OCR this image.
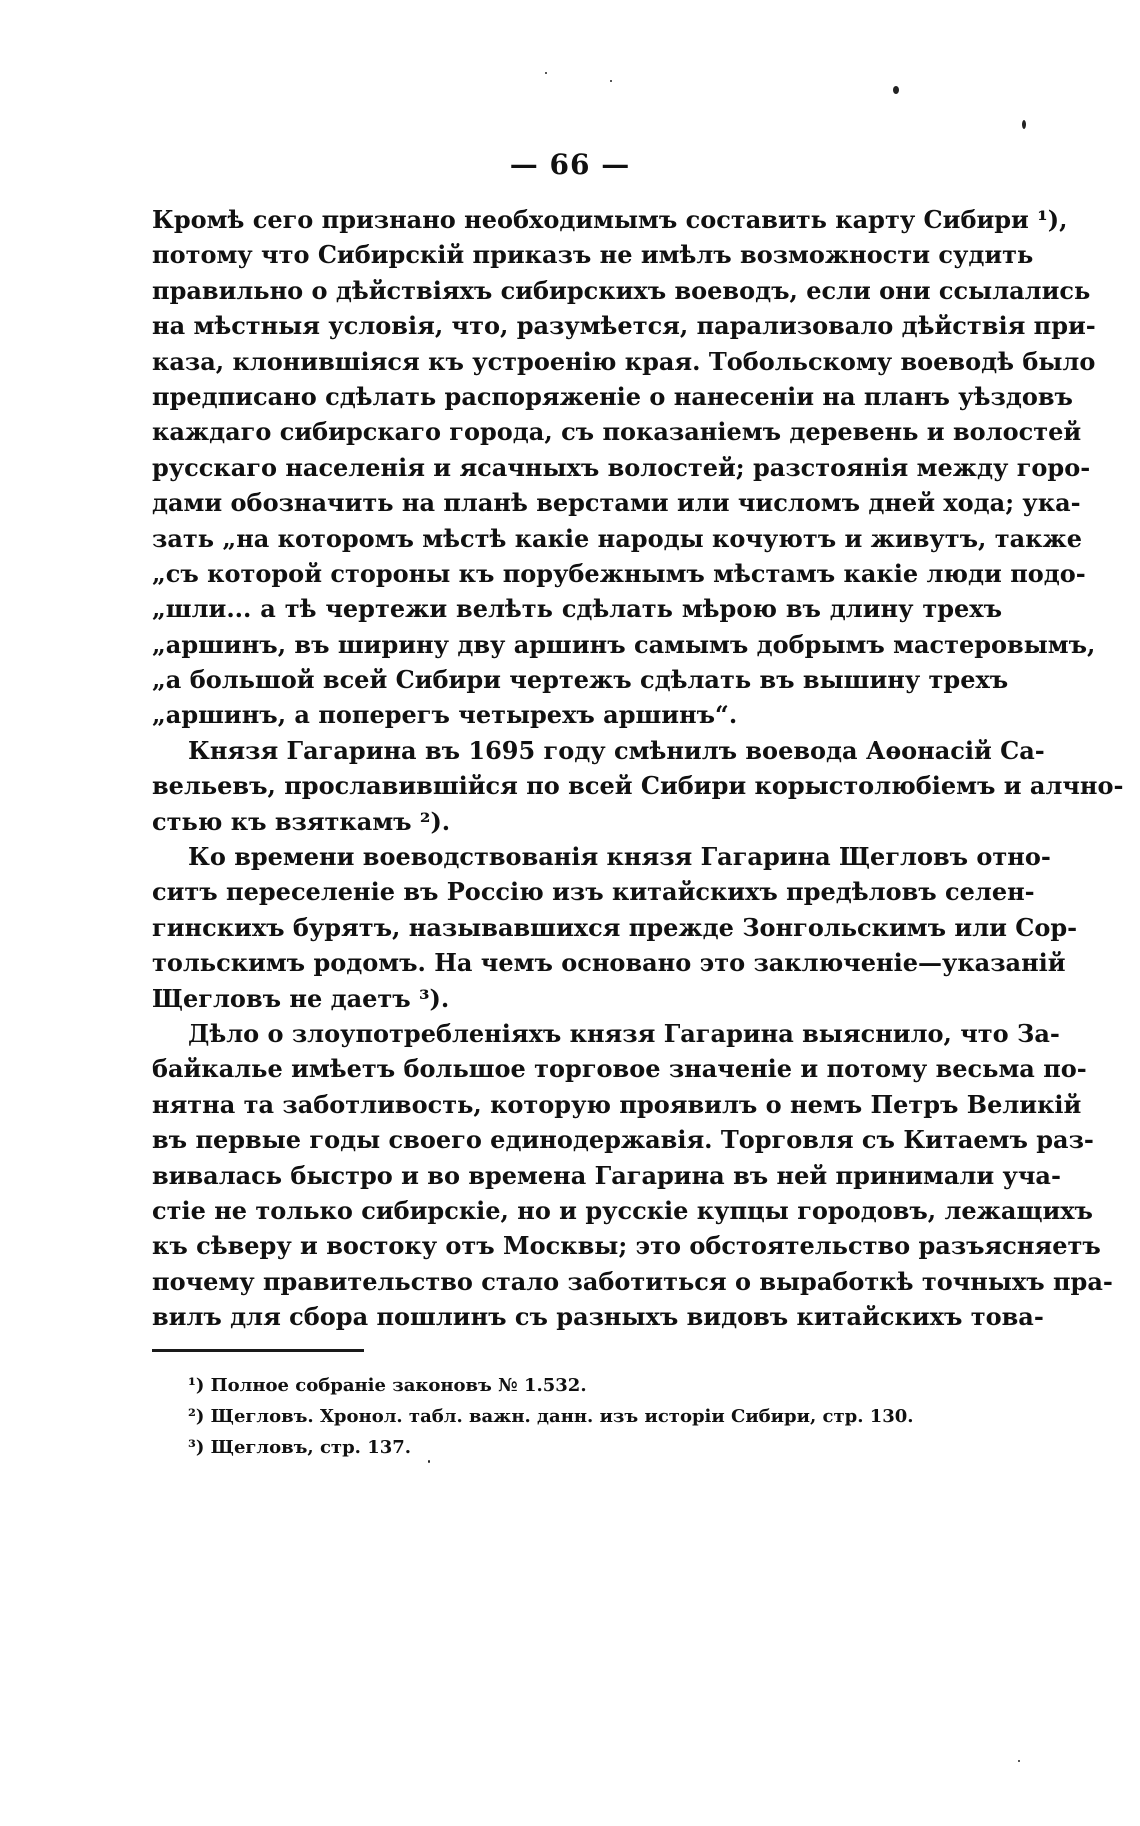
— 66 —
Кромѣ сего признано необходимымъ составить карту Сибири ¹),
потому что Сибирскій приказъ не имѣлъ возможности судить
правильно о дѣйствіяхъ сибирскихъ воеводъ, если они ссылались
на мѣстныя условія, что, разумѣется, парализовало дѣйствія при-
каза, клонившіяся къ устроенію края. Тобольскому воеводѣ было
предписано сдѣлать распоряженіе о нанесеніи на планъ уѣздовъ
каждаго сибирскаго города, съ показаніемъ деревень и волостей
русскаго населенія и ясачныхъ волостей; разстоянія между горо-
дами обозначить на планѣ верстами или числомъ дней хода; ука-
зать „на которомъ мѣстѣ какіе народы кочуютъ и живутъ, также
„съ которой стороны къ порубежнымъ мѣстамъ какіе люди подо-
„шли... а тѣ чертежи велѣть сдѣлать мѣрою въ длину трехъ
„аршинъ, въ ширину дву аршинъ самымъ добрымъ мастеровымъ,
„а большой всей Сибири чертежъ сдѣлать въ вышину трехъ
„аршинъ, а поперегъ четырехъ аршинъ“.
Князя Гагарина въ 1695 году смѣнилъ воевода Аѳонасій Са-
вельевъ, прославившійся по всей Сибири корыстолюбіемъ и алчно-
стью къ взяткамъ ²).
Ко времени воеводствованія князя Гагарина Щегловъ отно-
ситъ переселеніе въ Россію изъ китайскихъ предѣловъ селен-
гинскихъ бурятъ, называвшихся прежде Зонгольскимъ или Сор-
тольскимъ родомъ. На чемъ основано это заключеніе—указаній
Щегловъ не даетъ ³).
Дѣло о злоупотребленіяхъ князя Гагарина выяснило, что За-
байкалье имѣетъ большое торговое значеніе и потому весьма по-
нятна та заботливость, которую проявилъ о немъ Петръ Великій
въ первые годы своего единодержавія. Торговля съ Китаемъ раз-
вивалась быстро и во времена Гагарина въ ней принимали уча-
стіе не только сибирскіе, но и русскіе купцы городовъ, лежащихъ
къ сѣверу и востоку отъ Москвы; это обстоятельство разъясняетъ
почему правительство стало заботиться о выработкѣ точныхъ пра-
вилъ для сбора пошлинъ съ разныхъ видовъ китайскихъ това-
¹) Полное собраніе законовъ № 1.532.
²) Щегловъ. Хронол. табл. важн. данн. изъ исторіи Сибири, стр. 130.
³) Щегловъ, стр. 137.
